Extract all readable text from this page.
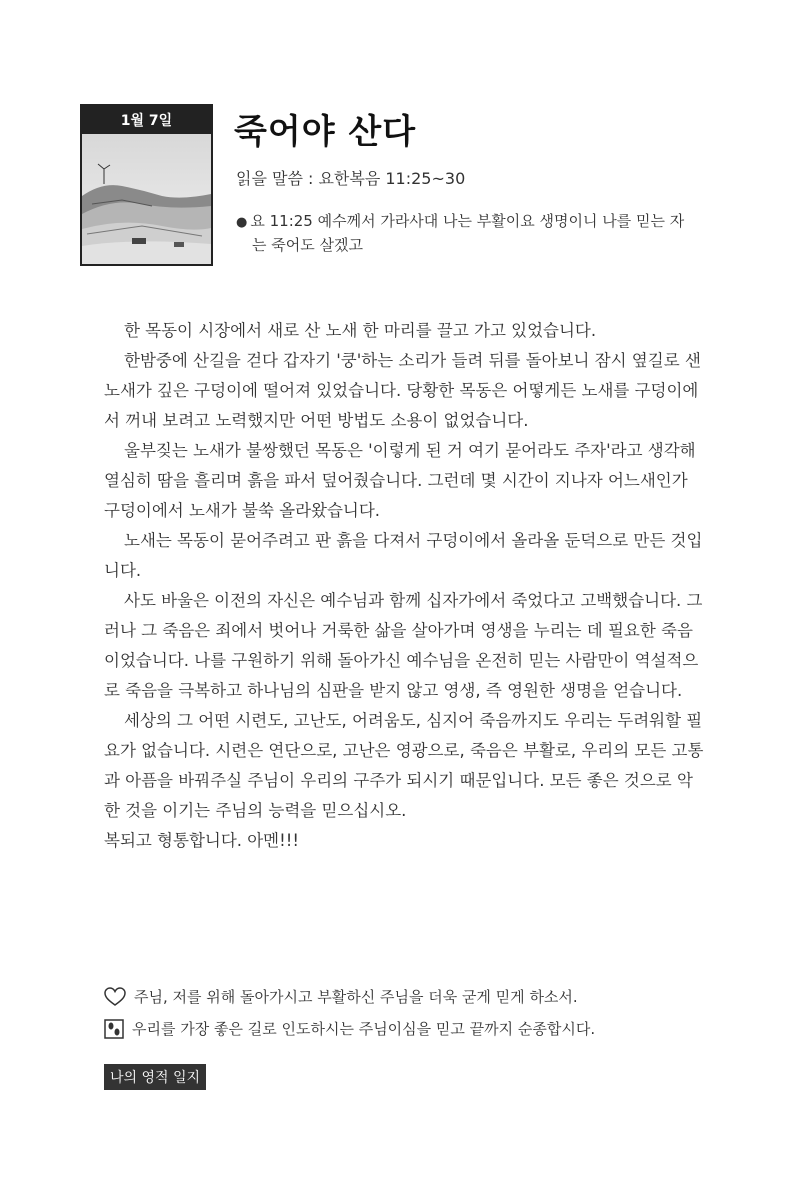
1월 7일	죽어야 산다
읽을 말씀 : 요한복음 11:25~30
● 요 11:25 예수께서 가라사대 나는 부활이요 생명이니 나를 믿는 자
는 죽어도 살겠고

한 목동이 시장에서 새로 산 노새 한 마리를 끌고 가고 있었습니다.

한밤중에 산길을 걷다 갑자기 '쿵'하는 소리가 들려 뒤를 돌아보니 잠시 옆길로 샌 노새가 깊은 구덩이에 떨어져 있었습니다. 당황한 목동은 어떻게든 노새를 구덩이에서 꺼내 보려고 노력했지만 어떤 방법도 소용이 없었습니다.

울부짖는 노새가 불쌍했던 목동은 '이렇게 된 거 여기 묻어라도 주자'라고 생각해 열심히 땀을 흘리며 흙을 파서 덮어줬습니다. 그런데 몇 시간이 지나자 어느새인가 구덩이에서 노새가 불쑥 올라왔습니다.

노새는 목동이 묻어주려고 판 흙을 다져서 구덩이에서 올라올 둔덕으로 만든 것입니다.

사도 바울은 이전의 자신은 예수님과 함께 십자가에서 죽었다고 고백했습니다. 그러나 그 죽음은 죄에서 벗어나 거룩한 삶을 살아가며 영생을 누리는 데 필요한 죽음이었습니다. 나를 구원하기 위해 돌아가신 예수님을 온전히 믿는 사람만이 역설적으로 죽음을 극복하고 하나님의 심판을 받지 않고 영생, 즉 영원한 생명을 얻습니다.

세상의 그 어떤 시련도, 고난도, 어려움도, 심지어 죽음까지도 우리는 두려워할 필요가 없습니다. 시련은 연단으로, 고난은 영광으로, 죽음은 부활로, 우리의 모든 고통과 아픔을 바꿔주실 주님이 우리의 구주가 되시기 때문입니다. 모든 좋은 것으로 악한 것을 이기는 주님의 능력을 믿으십시오.

복되고 형통합니다. 아멘!!!

주님, 저를 위해 돌아가시고 부활하신 주님을 더욱 굳게 믿게 하소서.
우리를 가장 좋은 길로 인도하시는 주님이심을 믿고 끝까지 순종합시다.
나의 영적 일지
